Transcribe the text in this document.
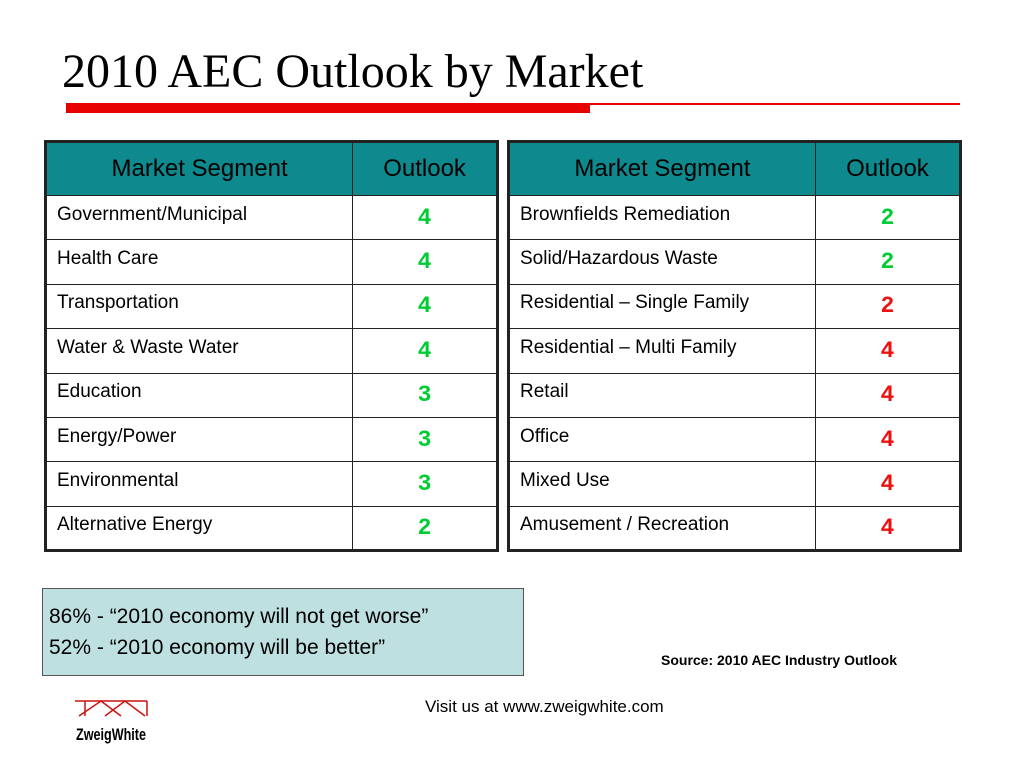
2010 AEC Outlook by Market
Market Segment	Outlook
Government/Municipal	4
Health Care	4
Transportation	4
Water & Waste Water	4
Education	3
Energy/Power	3
Environmental	3
Alternative Energy	2
Market Segment	Outlook
Brownfields Remediation	2
Solid/Hazardous Waste	2
Residential – Single Family	2
Residential – Multi Family	4
Retail	4
Office	4
Mixed Use	4
Amusement / Recreation	4
86% - “2010 economy will not get worse”
52% - “2010 economy will be better”
Source: 2010 AEC Industry Outlook
Visit us at www.zweigwhite.com
ZweigWhite
